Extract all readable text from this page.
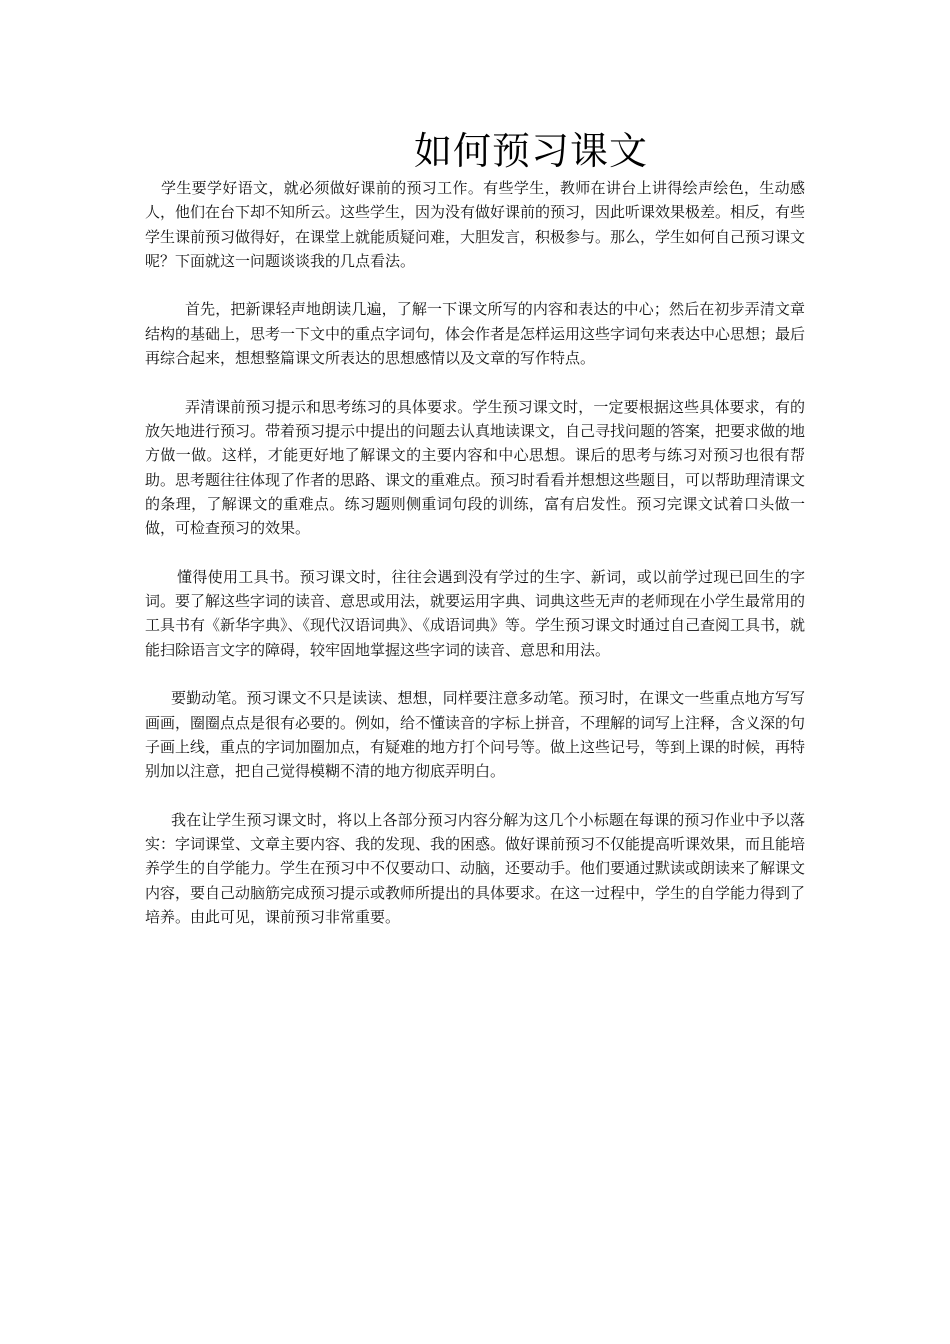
如何预习课文

学生要学好语文，就必须做好课前的预习工作。有些学生，教师在讲台上讲得绘声绘色，生动感人，他们在台下却不知所云。这些学生，因为没有做好课前的预习，因此听课效果极差。相反，有些学生课前预习做得好，在课堂上就能质疑问难，大胆发言，积极参与。那么，学生如何自己预习课文呢？下面就这一问题谈谈我的几点看法。

首先，把新课轻声地朗读几遍，了解一下课文所写的内容和表达的中心；然后在初步弄清文章结构的基础上，思考一下文中的重点字词句，体会作者是怎样运用这些字词句来表达中心思想；最后再综合起来，想想整篇课文所表达的思想感情以及文章的写作特点。

弄清课前预习提示和思考练习的具体要求。学生预习课文时，一定要根据这些具体要求，有的放矢地进行预习。带着预习提示中提出的问题去认真地读课文，自己寻找问题的答案，把要求做的地方做一做。这样，才能更好地了解课文的主要内容和中心思想。课后的思考与练习对预习也很有帮助。思考题往往体现了作者的思路、课文的重难点。预习时看看并想想这些题目，可以帮助理清课文的条理，了解课文的重难点。练习题则侧重词句段的训练，富有启发性。预习完课文试着口头做一做，可检查预习的效果。

懂得使用工具书。预习课文时，往往会遇到没有学过的生字、新词，或以前学过现已回生的字词。要了解这些字词的读音、意思或用法，就要运用字典、词典这些无声的老师现在小学生最常用的工具书有《新华字典》、《现代汉语词典》、《成语词典》等。学生预习课文时通过自己查阅工具书，就能扫除语言文字的障碍，较牢固地掌握这些字词的读音、意思和用法。

要勤动笔。预习课文不只是读读、想想，同样要注意多动笔。预习时，在课文一些重点地方写写画画，圈圈点点是很有必要的。例如，给不懂读音的字标上拼音，不理解的词写上注释，含义深的句子画上线，重点的字词加圈加点，有疑难的地方打个问号等。做上这些记号，等到上课的时候，再特别加以注意，把自己觉得模糊不清的地方彻底弄明白。

我在让学生预习课文时，将以上各部分预习内容分解为这几个小标题在每课的预习作业中予以落实：字词课堂、文章主要内容、我的发现、我的困惑。做好课前预习不仅能提高听课效果，而且能培养学生的自学能力。学生在预习中不仅要动口、动脑，还要动手。他们要通过默读或朗读来了解课文内容，要自己动脑筋完成预习提示或教师所提出的具体要求。在这一过程中，学生的自学能力得到了培养。由此可见，课前预习非常重要。
